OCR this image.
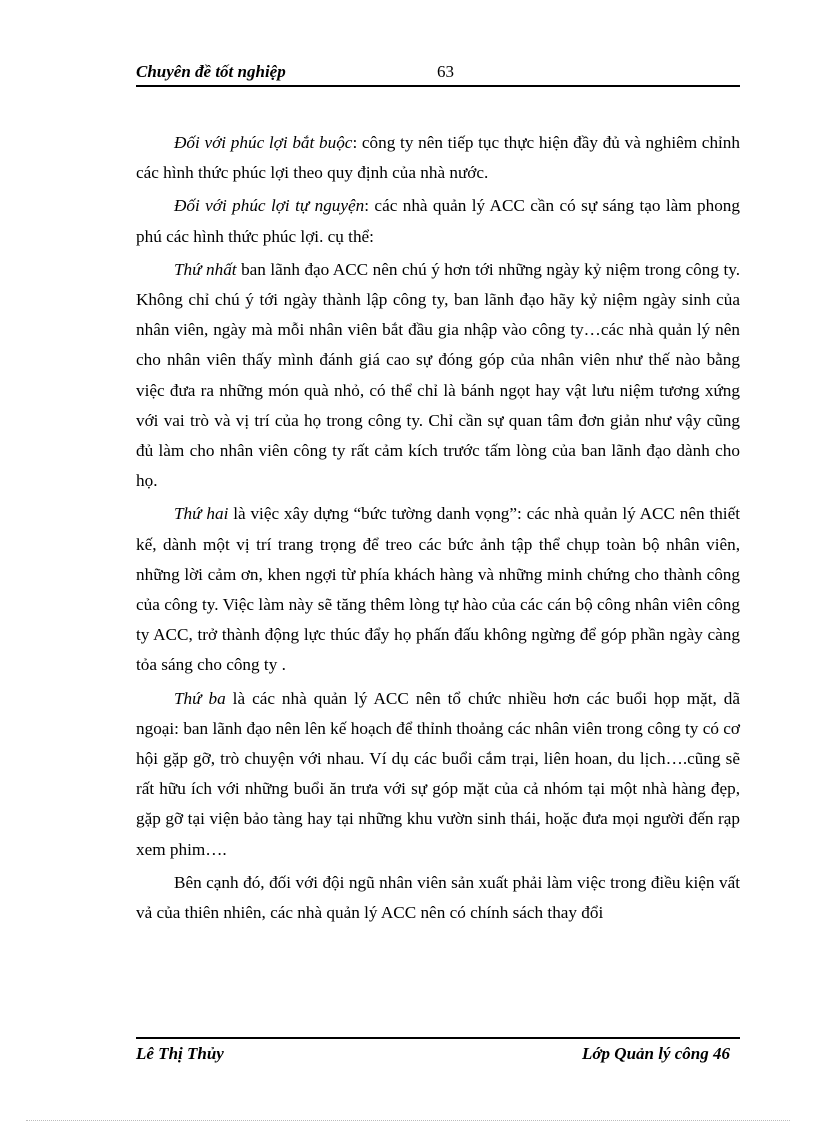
Chuyên đề tốt nghiệp	63

Đối với phúc lợi bắt buộc: công ty nên tiếp tục thực hiện đầy đủ và nghiêm chỉnh các hình thức phúc lợi theo quy định của nhà nước.

Đối với phúc lợi tự nguyện: các nhà quản lý ACC cần có sự sáng tạo làm phong phú các hình thức phúc lợi. cụ thể:

Thứ nhất ban lãnh đạo ACC nên chú ý hơn tới những ngày kỷ niệm trong công ty. Không chỉ chú ý tới ngày thành lập công ty, ban lãnh đạo hãy kỷ niệm ngày sinh của nhân viên, ngày mà mỗi nhân viên bắt đầu gia nhập vào công ty…các nhà quản lý nên cho nhân viên thấy mình đánh giá cao sự đóng góp của nhân viên như thế nào bằng việc đưa ra những món quà nhỏ, có thể chỉ là bánh ngọt hay vật lưu niệm tương xứng với vai trò và vị trí của họ trong công ty. Chỉ cần sự quan tâm đơn giản như vậy cũng đủ làm cho nhân viên công ty rất cảm kích trước tấm lòng của ban lãnh đạo dành cho họ.

Thứ hai là việc xây dựng “bức tường danh vọng”: các nhà quản lý ACC nên thiết kế, dành một vị trí trang trọng để treo các bức ảnh tập thể chụp toàn bộ nhân viên, những lời cảm ơn, khen ngợi từ phía khách hàng và những minh chứng cho thành công của công ty. Việc làm này sẽ tăng thêm lòng tự hào của các cán bộ công nhân viên công ty ACC, trở thành động lực thúc đẩy họ phấn đấu không ngừng để góp phần ngày càng tỏa sáng cho công ty .

Thứ ba là các nhà quản lý ACC nên tổ chức nhiều hơn các buổi họp mặt, dã ngoại: ban lãnh đạo nên lên kế hoạch để thỉnh thoảng các nhân viên trong công ty có cơ hội gặp gỡ, trò chuyện với nhau. Ví dụ các buổi cắm trại, liên hoan, du lịch….cũng sẽ rất hữu ích với những buổi ăn trưa với sự góp mặt của cả nhóm tại một nhà hàng đẹp, gặp gỡ tại viện bảo tàng hay tại những khu vườn sinh thái, hoặc đưa mọi người đến rạp xem phim….

Bên cạnh đó, đối với đội ngũ nhân viên sản xuất phải làm việc trong điều kiện vất vả của thiên nhiên, các nhà quản lý ACC nên có chính sách thay đổi

Lê Thị Thủy	Lớp Quản lý công 46
